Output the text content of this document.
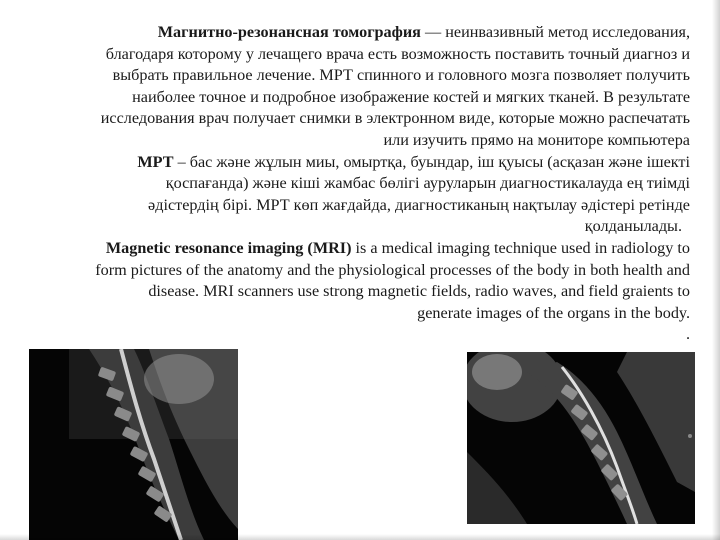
Магнитно-резонансная томография — неинвазивный метод исследования,
благодаря которому у лечащего врача есть возможность поставить точный диагноз и
выбрать правильное лечение. МРТ спинного и головного мозга позволяет получить
наиболее точное и подробное изображение костей и мягких тканей. В результате
исследования врач получает снимки в электронном виде, которые можно распечатать
или изучить прямо на мониторе компьютера
МРТ – бас және жұлын миы, омыртқа, буындар, іш қуысы (асқазан және ішекті
қоспағанда) және кіші жамбас бөлігі ауруларын диагностикалауда ең тиімді
әдістердің бірі. МРТ көп жағдайда, диагностиканың нақтылау әдістері ретінде
қолданылады.
Magnetic resonance imaging (MRI) is a medical imaging technique used in radiology to
form pictures of the anatomy and the physiological processes of the body in both health and
disease. MRI scanners use strong magnetic fields, radio waves, and field graients to
generate images of the organs in the body.
.
